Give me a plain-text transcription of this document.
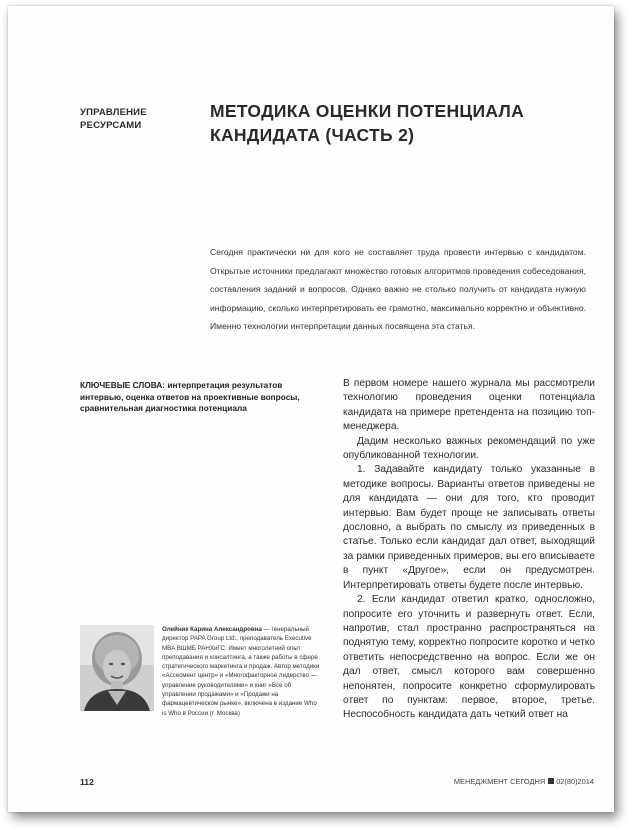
УПРАВЛЕНИЕ
РЕСУРСАМИ
МЕТОДИКА ОЦЕНКИ ПОТЕНЦИАЛА
КАНДИДАТА (ЧАСТЬ 2)

Сегодня практически ни для кого не составляет труда провести интервью с кандидатом. Открытые источники предлагают множество готовых алгоритмов проведения собеседования, составления заданий и вопросов. Однако важно не столько получить от кандидата нужную информацию, сколько интерпретировать ее грамотно, максимально корректно и объективно. Именно технологии интерпретации данных посвящена эта статья.

КЛЮЧЕВЫЕ СЛОВА: интерпретация результатов интервью, оценка ответов на проективные вопросы, сравнительная диагностика потенциала

В первом номере нашего журнала мы рассмотрели технологию проведения оценки потенциала кандидата на примере претендента на позицию топ-менеджера.

Дадим несколько важных рекомендаций по уже опубликованной технологии.

1. Задавайте кандидату только указанные в методике вопросы. Варианты ответов приведены не для кандидата — они для того, кто проводит интервью. Вам будет проще не записывать ответы дословно, а выбрать по смыслу из приведенных в статье. Только если кандидат дал ответ, выходящий за рамки приведенных примеров, вы его вписываете в пункт «Другое», если он предусмотрен. Интерпретировать ответы будете после интервью.

2. Если кандидат ответил кратко, односложно, попросите его уточнить и развернуть ответ. Если, напротив, стал пространно распространяться на поднятую тему, корректно попросите коротко и четко ответить непосредственно на вопрос. Если же он дал ответ, смысл которого вам совершенно непонятен, попросите конкретно сформулировать ответ по пунктам: первое, второе, третье. Неспособность кандидата дать четкий ответ на

Олейник Карина Александровна — генеральный директор PAPA Group Ltd., преподаватель Executive MBA ВШМБ РАНХиГС. Имеет многолетний опыт преподавания и консалтинга, а также работы в сфере стратегического маркетинга и продаж. Автор методики «Ассесмент центр» и «Многофакторное лидерство — управление руководителями» и книг «Все об управлении продажами» и «Продажи на фармацевтическом рынке», включена в издание Who is Who в России (г. Москва)
112	МЕНЕДЖМЕНТ СЕГОДНЯ 02(80)2014
